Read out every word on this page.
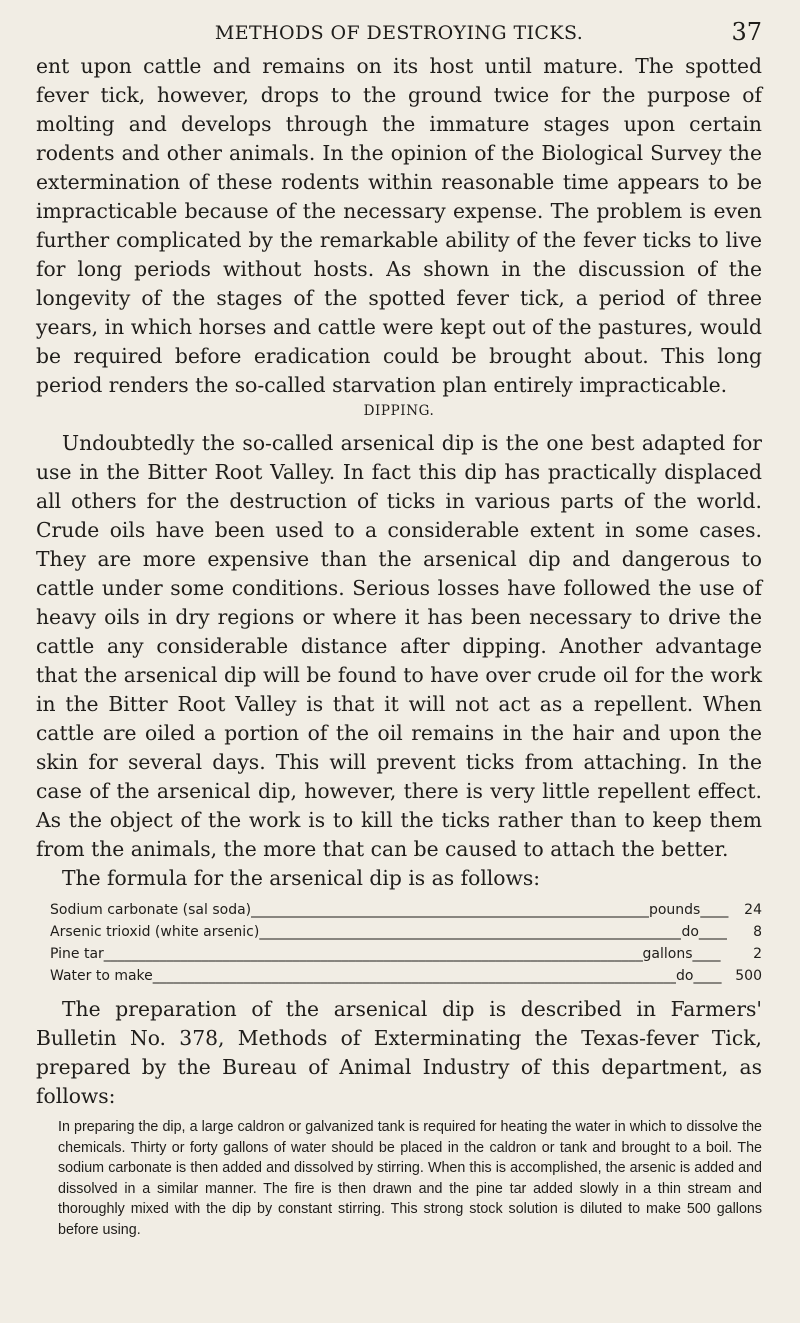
METHODS OF DESTROYING TICKS.	37

ent upon cattle and remains on its host until mature. The spotted fever tick, however, drops to the ground twice for the purpose of molting and develops through the immature stages upon certain rodents and other animals. In the opinion of the Biological Survey the extermination of these rodents within reasonable time appears to be impracticable because of the necessary expense. The problem is even further complicated by the remarkable ability of the fever ticks to live for long periods without hosts. As shown in the discussion of the longevity of the stages of the spotted fever tick, a period of three years, in which horses and cattle were kept out of the pastures, would be required before eradication could be brought about. This long period renders the so-called starvation plan entirely impracticable.

DIPPING.

Undoubtedly the so-called arsenical dip is the one best adapted for use in the Bitter Root Valley. In fact this dip has practically displaced all others for the destruction of ticks in various parts of the world. Crude oils have been used to a considerable extent in some cases. They are more expensive than the arsenical dip and dangerous to cattle under some conditions. Serious losses have followed the use of heavy oils in dry regions or where it has been necessary to drive the cattle any considerable distance after dipping. Another advantage that the arsenical dip will be found to have over crude oil for the work in the Bitter Root Valley is that it will not act as a repellent. When cattle are oiled a portion of the oil remains in the hair and upon the skin for several days. This will prevent ticks from attaching. In the case of the arsenical dip, however, there is very little repellent effect. As the object of the work is to kill the ticks rather than to keep them from the animals, the more that can be caused to attach the better.

The formula for the arsenical dip is as follows:

Sodium carbonate (sal soda) _____	pounds ____	24
Arsenic trioxid (white arsenic) _____	do ____	8
Pine tar _____	gallons ____	2
Water to make _____	do ____	500

The preparation of the arsenical dip is described in Farmers' Bulletin No. 378, Methods of Exterminating the Texas-fever Tick, prepared by the Bureau of Animal Industry of this department, as follows:

In preparing the dip, a large caldron or galvanized tank is required for heating the water in which to dissolve the chemicals. Thirty or forty gallons of water should be placed in the caldron or tank and brought to a boil. The sodium carbonate is then added and dissolved by stirring. When this is accomplished, the arsenic is added and dissolved in a similar manner. The fire is then drawn and the pine tar added slowly in a thin stream and thoroughly mixed with the dip by constant stirring. This strong stock solution is diluted to make 500 gallons before using.
